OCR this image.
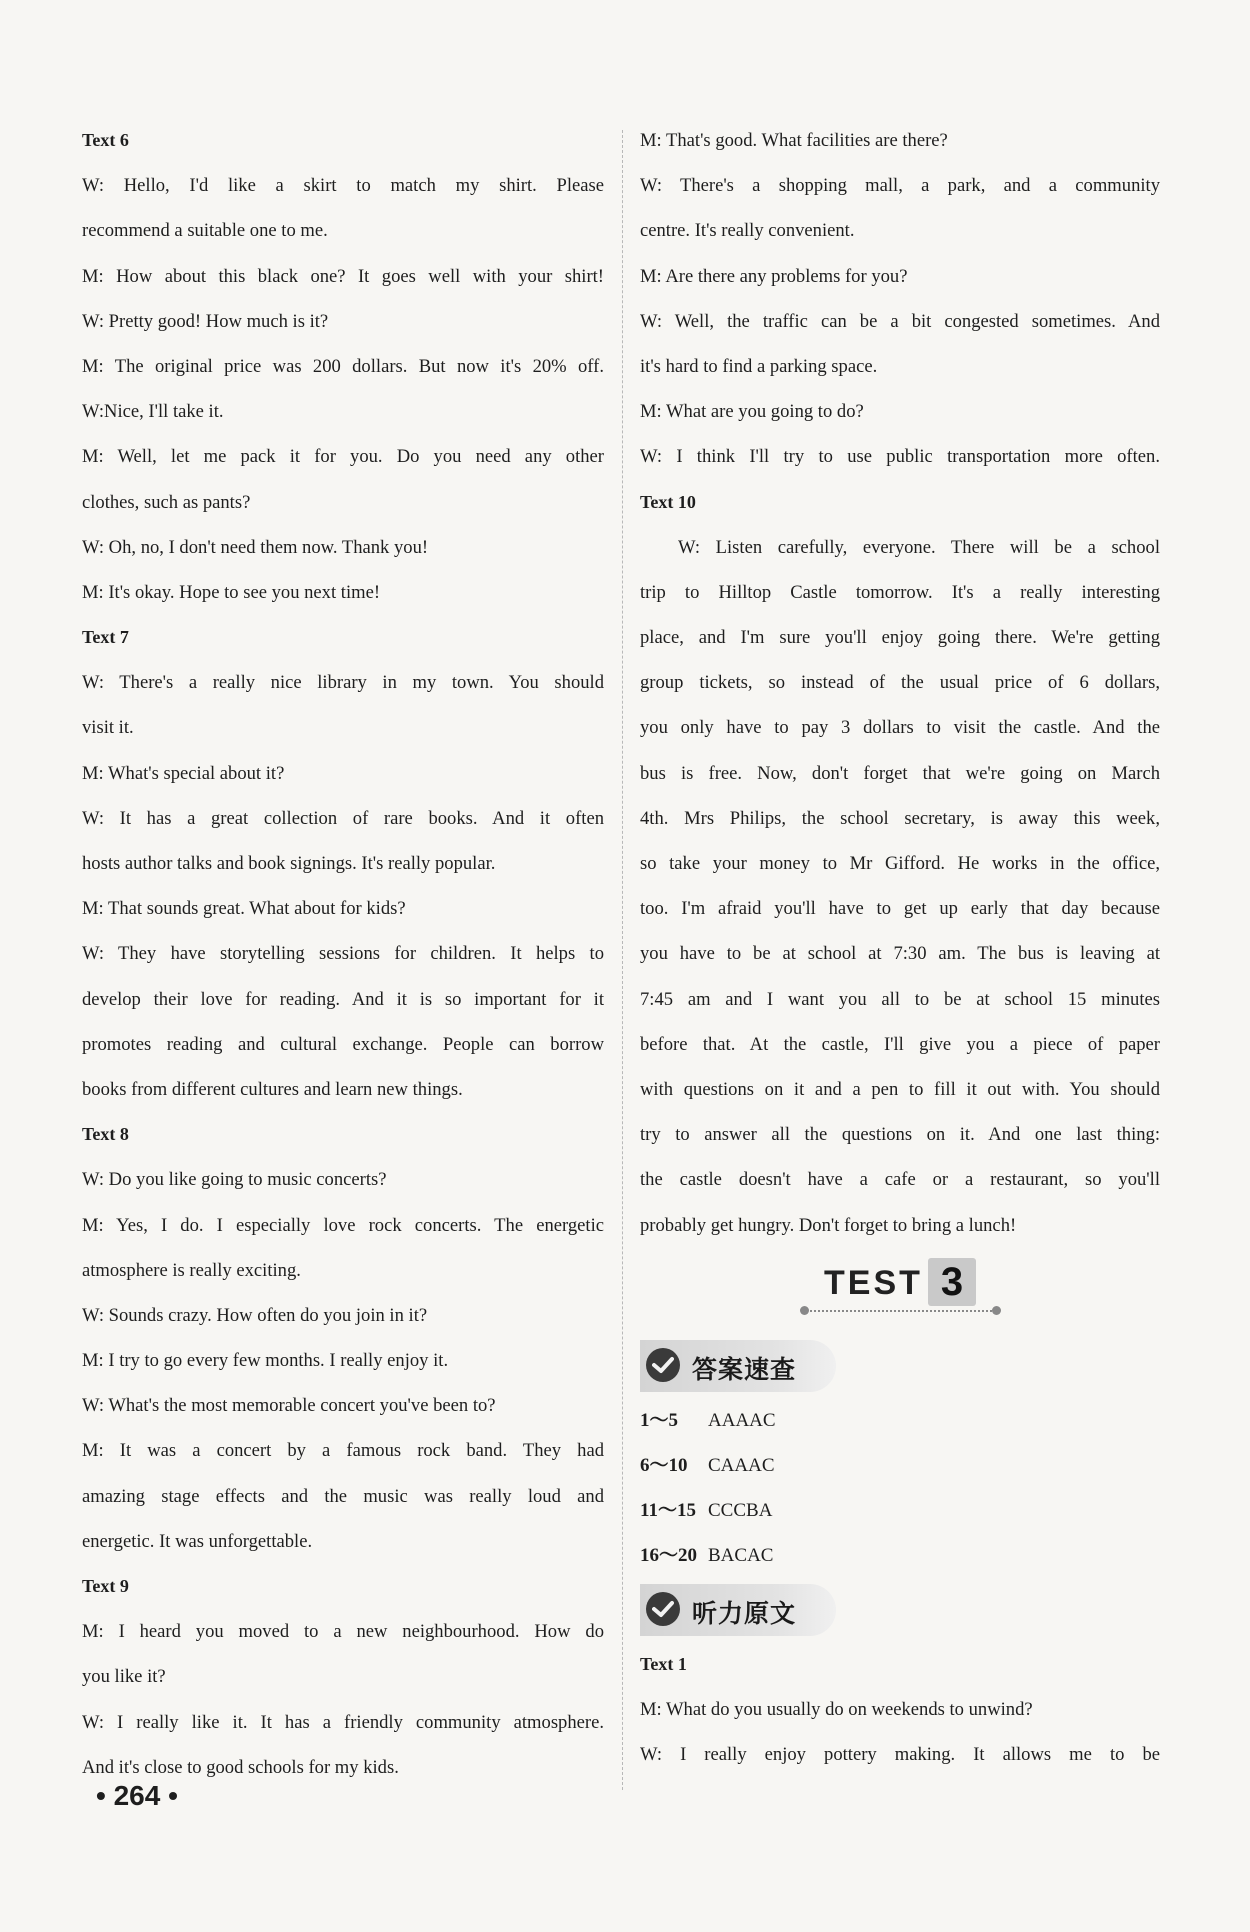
Text 6
W: Hello, I'd like a skirt to match my shirt. Please
recommend a suitable one to me.
M: How about this black one? It goes well with your shirt!
W: Pretty good! How much is it?
M: The original price was 200 dollars. But now it's 20% off.
W:Nice, I'll take it.
M: Well, let me pack it for you. Do you need any other
clothes, such as pants?
W: Oh, no, I don't need them now. Thank you!
M: It's okay. Hope to see you next time!
Text 7
W: There's a really nice library in my town. You should
visit it.
M: What's special about it?
W: It has a great collection of rare books. And it often
hosts author talks and book signings. It's really popular.
M: That sounds great. What about for kids?
W: They have storytelling sessions for children. It helps to
develop their love for reading. And it is so important for it
promotes reading and cultural exchange. People can borrow
books from different cultures and learn new things.
Text 8
W: Do you like going to music concerts?
M: Yes, I do. I especially love rock concerts. The energetic
atmosphere is really exciting.
W: Sounds crazy. How often do you join in it?
M: I try to go every few months. I really enjoy it.
W: What's the most memorable concert you've been to?
M: It was a concert by a famous rock band. They had
amazing stage effects and the music was really loud and
energetic. It was unforgettable.
Text 9
M: I heard you moved to a new neighbourhood. How do
you like it?
W: I really like it. It has a friendly community atmosphere.
And it's close to good schools for my kids.
M: That's good. What facilities are there?
W: There's a shopping mall, a park, and a community
centre. It's really convenient.
M: Are there any problems for you?
W: Well, the traffic can be a bit congested sometimes. And
it's hard to find a parking space.
M: What are you going to do?
W: I think I'll try to use public transportation more often.
Text 10
W: Listen carefully, everyone. There will be a school
trip to Hilltop Castle tomorrow. It's a really interesting
place, and I'm sure you'll enjoy going there. We're getting
group tickets, so instead of the usual price of 6 dollars,
you only have to pay 3 dollars to visit the castle. And the
bus is free. Now, don't forget that we're going on March
4th. Mrs Philips, the school secretary, is away this week,
so take your money to Mr Gifford. He works in the office,
too. I'm afraid you'll have to get up early that day because
you have to be at school at 7:30 am. The bus is leaving at
7:45 am and I want you all to be at school 15 minutes
before that. At the castle, I'll give you a piece of paper
with questions on it and a pen to fill it out with. You should
try to answer all the questions on it. And one last thing:
the castle doesn't have a cafe or a restaurant, so you'll
probably get hungry. Don't forget to bring a lunch!
TEST 3
答案速查
1～5 AAAAC
6～10 CAAAC
11～15 CCCBA
16～20 BACAC
听力原文
Text 1
M: What do you usually do on weekends to unwind?
W: I really enjoy pottery making. It allows me to be
• 264 •
